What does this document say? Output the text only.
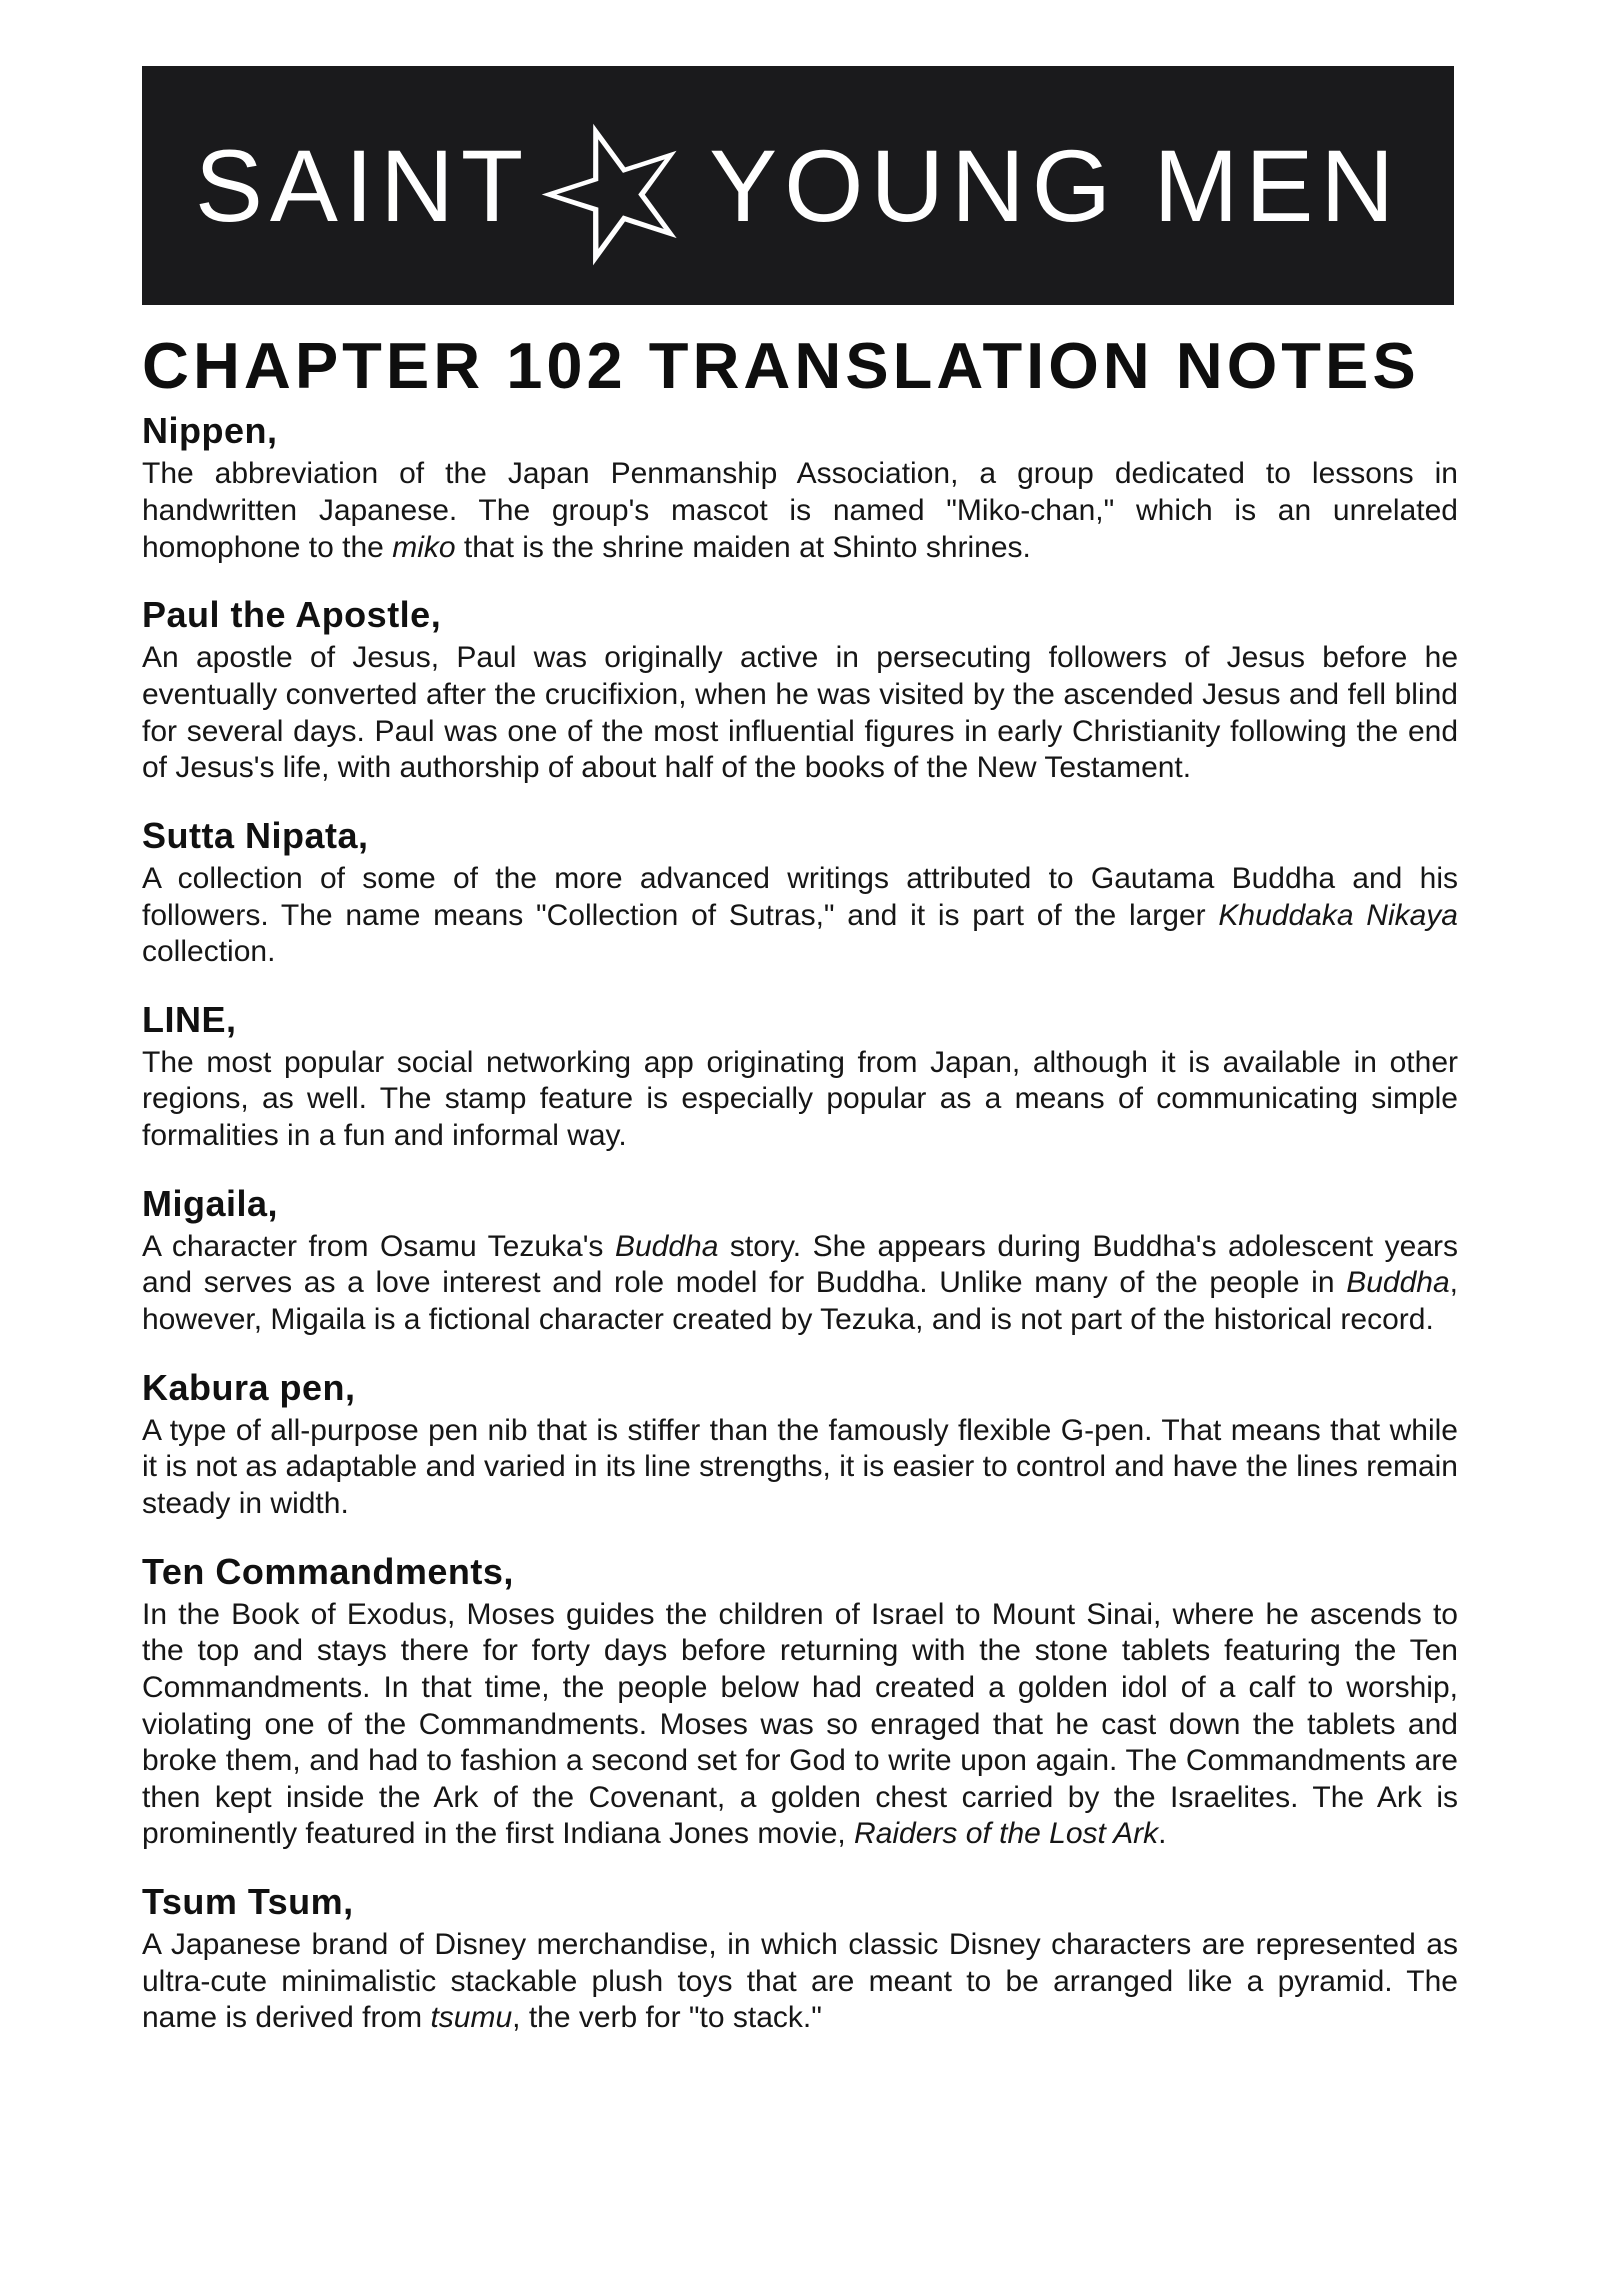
SAINT
☆
YOUNG MEN
CHAPTER 102 TRANSLATION NOTES
Nippen,

The abbreviation of the Japan Penmanship Association, a group dedicated to lessons in handwritten Japanese. The group's mascot is named "Miko-chan," which is an unrelated homophone to the miko that is the shrine maiden at Shinto shrines.

Paul the Apostle,

An apostle of Jesus, Paul was originally active in persecuting followers of Jesus before he eventually converted after the crucifixion, when he was visited by the ascended Jesus and fell blind for several days. Paul was one of the most influential figures in early Christianity following the end of Jesus's life, with authorship of about half of the books of the New Testament.

Sutta Nipata,

A collection of some of the more advanced writings attributed to Gautama Buddha and his followers. The name means "Collection of Sutras," and it is part of the larger Khuddaka Nikaya collection.

LINE,

The most popular social networking app originating from Japan, although it is available in other regions, as well. The stamp feature is especially popular as a means of communicating simple formalities in a fun and informal way.

Migaila,

A character from Osamu Tezuka's Buddha story. She appears during Buddha's adolescent years and serves as a love interest and role model for Buddha. Unlike many of the people in Buddha, however, Migaila is a fictional character created by Tezuka, and is not part of the historical record.

Kabura pen,

A type of all-purpose pen nib that is stiffer than the famously flexible G-pen. That means that while it is not as adaptable and varied in its line strengths, it is easier to control and have the lines remain steady in width.

Ten Commandments,

In the Book of Exodus, Moses guides the children of Israel to Mount Sinai, where he ascends to the top and stays there for forty days before returning with the stone tablets featuring the Ten Commandments. In that time, the people below had created a golden idol of a calf to worship, violating one of the Commandments. Moses was so enraged that he cast down the tablets and broke them, and had to fashion a second set for God to write upon again. The Commandments are then kept inside the Ark of the Covenant, a golden chest carried by the Israelites. The Ark is prominently featured in the first Indiana Jones movie, Raiders of the Lost Ark.

Tsum Tsum,

A Japanese brand of Disney merchandise, in which classic Disney characters are represented as ultra-cute minimalistic stackable plush toys that are meant to be arranged like a pyramid. The name is derived from tsumu, the verb for "to stack."
